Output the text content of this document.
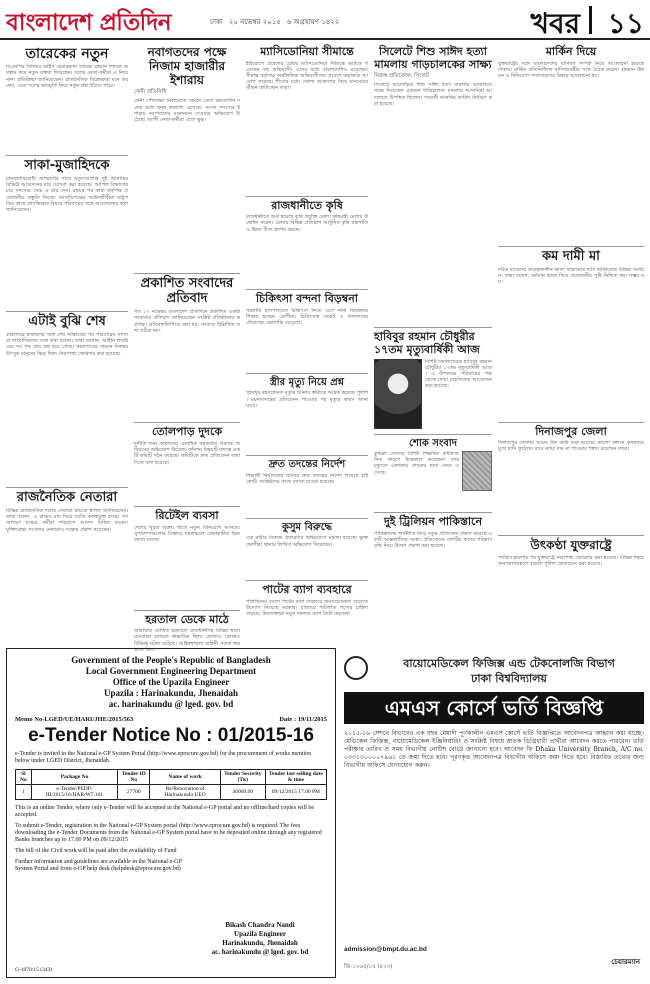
বাংলাদেশ প্রতিদিন	ঢাকা ২০ নভেম্বর ২০১৫ ৬ অগ্রহায়ণ ১৪২২	খবর ১১
তারেকের নতুন
বিএনপির সিনিয়র ভাইস চেয়ারম্যান তারেক রহমান লন্ডনে অবস্থান করে নতুন বক্তব্য দিয়েছেন। দলের নেতা-কর্মীরা এ নিয়ে নানা প্রতিক্রিয়া জানিয়েছেন। রাজনৈতিক বিশ্লেষকরা মনে করছেন, এতে দলের ভাবমূর্তি নিয়ে নতুন প্রশ্ন উঠতে পারে।
সাকা-মুজাহিদকে
মানবতাবিরোধী অপরাধের দায়ে মৃত্যুদণ্ডপ্রাপ্ত দুই আসামির রিভিউ আবেদনের রায় ঘোষণা করা হয়েছে। আপিল বিভাগের চার সদস্যের বেঞ্চ এ রায় দেন। রায়ের পর কারা কর্তৃপক্ষ প্রয়োজনীয় প্রস্তুতি নিচ্ছে। আসামিপক্ষের আইনজীবীরা রাষ্ট্রপতির কাছে প্রাণভিক্ষার বিষয়ে পরিবারের সঙ্গে আলোচনার কথা জানিয়েছেন।
এটাই বুঝি শেষ
কারাগারে স্বজনদের সঙ্গে শেষ সাক্ষাতের পর পরিবারের সদস্যরা সাংবাদিকদের সঙ্গে কথা বলেন। তারা জানান, আইনি লড়াইয়ের সব পথ প্রায় বন্ধ হয়ে গেছে। কারাগারের সামনে দিনভর উৎসুক মানুষের ভিড় ছিল। নিরাপত্তা জোরদার করা হয়েছে।
রাজনৈতিক নেতারা
বিভিন্ন রাজনৈতিক দলের নেতারা রায়কে স্বাগত জানিয়েছেন। তারা বলেন, এ রায়ের মধ্য দিয়ে জাতি কলঙ্কমুক্ত হচ্ছে। গণজাগরণ মঞ্চের কর্মীরা শাহবাগে আনন্দ মিছিল করেন। মুক্তিযোদ্ধা সংসদের নেতারাও সন্তোষ প্রকাশ করেছেন।
নবাগতদের পক্ষে নিজাম হাজারীর ইশারায়
ফেনী প্রতিনিধি
ফেনী পৌরসভা নির্বাচনকে সামনে রেখে ক্ষমতাসীন দলের মধ্যে দ্বন্দ্ব প্রকাশ্যে এসেছে। সংসদ সদস্যের ইশারায় নবাগতদের মনোনয়ন দেওয়ার অভিযোগ উঠেছে। ত্যাগী নেতা-কর্মীরা এতে ক্ষুব্ধ।
প্রকাশিত সংবাদের প্রতিবাদ
গত ১৭ নভেম্বর বাংলাদেশ প্রতিদিনে প্রকাশিত একটি সংবাদের প্রতিবাদ জানিয়েছেন সংশ্লিষ্ট প্রতিষ্ঠানের কর্তৃপক্ষ। প্রতিবাদলিপিতে বলা হয়, সংবাদে উল্লিখিত তথ্য সঠিক নয়।
তোলপাড় দুদকে
দুর্নীতি দমন কমিশনের একাধিক কর্মকর্তার বিরুদ্ধে অনিয়মের অভিযোগ উঠেছে। কমিশন বিষয়টি তদন্তে একটি কমিটি গঠন করেছে। কমিটিকে দ্রুত প্রতিবেদন জমা দিতে বলা হয়েছে।
রিটেইল ব্যবসা
দেশের খুচরা বিক্রয় খাতে নতুন বিনিয়োগ আসছে। সুপারশপগুলোর বিস্তারে শহরাঞ্চলে কেনাকাটার ধরন বদলে যাচ্ছে।
হরতাল ডেকে মাঠে
জামায়াত ঘোষিত হরতালে রাজধানীসহ বিভিন্ন স্থানে যানবাহন চলাচল স্বাভাবিক ছিল। কোথাও কোথাও বিক্ষিপ্ত ঘটনা ঘটেছে। আইনশৃঙ্খলা বাহিনী সতর্ক অবস্থানে ছিল।
ম্যাসিডোনিয়া সীমান্তে
ইউরোপে প্রবেশের চেষ্টায় ম্যাসিডোনিয়া সীমান্তে আটকে পড়েছেন বহু অভিবাসী। এদের মধ্যে বাংলাদেশিও রয়েছেন। সীমান্ত কর্তৃপক্ষ অর্থনৈতিক অভিবাসীদের প্রবেশে কড়াকড়ি আরোপ করেছে। শীতের মধ্যে খোলা আকাশের নিচে মানবেতর জীবন কাটাচ্ছেন তারা।
রাজধানীতে কৃষি
রাজধানীতে শুরু হয়েছে কৃষি প্রযুক্তি মেলা। কৃষিমন্ত্রী মেলার উদ্বোধন করেন। মেলায় বিভিন্ন প্রতিষ্ঠান আধুনিক কৃষি যন্ত্রপাতি ও উন্নত বীজ প্রদর্শন করছে।
চিকিৎসা বন্দনা বিড়ম্বনা
সরকারি হাসপাতালে চিকিৎসা নিতে এসে নানা বিড়ম্বনার শিকার হচ্ছেন রোগীরা। চিকিৎসক সংকট ও দালালদের দৌরাত্ম্যে ভোগান্তি বেড়েছে।
স্ত্রীর মৃত্যু নিয়ে প্রশ্ন
গৃহবধূর রহস্যজনক মৃত্যুর ঘটনায় স্বামীকে আটক করেছে পুলিশ। ময়নাতদন্তের প্রতিবেদন পাওয়ার পর মৃত্যুর কারণ জানা যাবে।
দ্রুত তদন্তের নির্দেশ
শিক্ষার্থী নির্যাতনের ঘটনায় দ্রুত তদন্তের নির্দেশ দিয়েছে হাইকোর্ট। সংশ্লিষ্টদের কাছে ব্যাখ্যা চাওয়া হয়েছে।
কুসুম বিরুদ্ধে
এক নারীর বিরুদ্ধে প্রতারণার অভিযোগে মামলা হয়েছে। ভুক্তভোগীরা থানায় লিখিত অভিযোগ দিয়েছেন।
পাটের ব্যাগ ব্যবহারে
পলিথিনের বদলে পাটের ব্যাগ ব্যবহারে জনসচেতনতা বাড়াতে উদ্যোগ নিয়েছে সরকার। বাজারে পাটজাত পণ্যের চাহিদা বাড়ছে। উদ্যোক্তারা নতুন নকশার ব্যাগ তৈরি করছেন।
সিলেটে শিশু সাঈদ হত্যা মামলায় গাড়চালকের সাক্ষ্য
নিজস্ব প্রতিবেদক, সিলেট
সিলেটে আলোচিত শিশু সাঈদ হত্যা মামলায় আদালতে সাক্ষ্য দিয়েছেন একজন গাড়িচালক। মামলার আসামিরা আদালতে উপস্থিত ছিলেন। পরবর্তী শুনানির তারিখ নির্ধারণ করা হয়েছে।
হাবিবুর রহমান চৌধুরীর ১৭তম মৃত্যুবার্ষিকী আজ
বিশিষ্ট সমাজসেবক হাবিবুর রহমান চৌধুরীর ১৭তম মৃত্যুবার্ষিকী আজ। এ উপলক্ষে পরিবারের পক্ষ থেকে দোয়া মাহফিলের আয়োজন করা হয়েছে।
শোক সংবাদ
কুমিল্লা জেলার বিশিষ্ট শিক্ষাবিদ বার্ধক্যজনিত কারণে ইন্তেকাল করেছেন। তার মৃত্যুতে এলাকায় শোকের ছায়া নেমে এসেছে।
দুই ট্রিলিয়ন পাকিস্তানে
পাকিস্তানের অর্থনীতি নিয়ে নতুন প্রতিবেদন প্রকাশ করেছে একটি আন্তর্জাতিক সংস্থা। প্রতিবেদনে দেশটির ঋণের পরিমাণ বৃদ্ধি নিয়ে উদ্বেগ প্রকাশ করা হয়েছে।
মার্কিন দিয়ে
যুক্তরাষ্ট্রের সঙ্গে বাংলাদেশের বাণিজ্য সম্পর্ক নিয়ে আলোচনা হয়েছে ঢাকায়। মার্কিন প্রতিনিধিদল বাণিজ্যমন্ত্রীর সঙ্গে বৈঠক করেন। শ্রমমান উন্নয়ন ও বিনিয়োগ সম্প্রসারণের বিষয়ে আলোচনা হয়।
কম দামী মা
দরিদ্র মায়েদের মাতৃত্বকালীন ভাতা বাড়ানোর দাবি জানিয়েছে বিভিন্ন সংগঠন। তারা বলেন, বর্তমান ভাতা দিয়ে প্রয়োজনীয় পুষ্টি নিশ্চিত করা সম্ভব নয়।
দিনাজপুর জেলা
দিনাজপুর জেলায় আমন ধান কাটা শুরু হয়েছে। ভালো ফলনে কৃষকদের মুখে হাসি ফুটেছে। তবে ন্যায্য দাম না পাওয়ার শঙ্কায় রয়েছেন তারা।
উৎকণ্ঠা যুক্তরাষ্ট্রে
প্যারিস হামলার পর যুক্তরাষ্ট্রে নিরাপত্তা জোরদার করা হয়েছে। বিভিন্ন শহরে জনসমাগমস্থলে বাড়তি পুলিশ মোতায়েন করা হয়েছে।
Government of the People's Republic of Bangladesh
Local Government Engineering Department
Office of the Upazila Engineer
Upazila : Harinakundu, Jhenaidah
ac. harinakundu @ lged. gov. bd
Memo No-LGED/UE/HARI/JHE/2015/563	Date : 19/11/2015
e-Tender Notice No : 01/2015-16

e-Tender is invited in the National e-GP System Portal (http://www.eprocure.gov.bd) for the procurement of works mention below under LGED District, Jhenaidah.

Sl No	Package No	Tender ID No	Name of work	Tender Security (Tk)	Tender last selling date & time
1	e-Tender/PEDP-III/2015/16/HAR/W7.101	27700	Re/Renovation of Harinakundu UEO	40000.00	09/12/2015 17.00 PM

This is an online Tender, where only e-Tender will be accepted in the National e-GP portal and no offline/hard copies will be accepted.

To submit e-Tender, registration in the National e-GP System portal (http://www.eprocure.gov.bd) is required. The fees downloading the e-Tender Documents from the National e-GP System portal have to be deposited online through any registered Banks branches up to 17.00 PM on 09/12/2015

The bill of the Civil work will be paid after the availability of Fund

Further information and guidelines are available in the National e-GP System Portal and from e-GP help desk (helpdesk@eprocure.gov.bd)

Bikash Chandra Nandi
Upazila Engineer
Harinakundu, Jhenaidah
ac. harinakundu @ lged. gov. bd
G-1070/15 (343)
বায়োমেডিকেল ফিজিক্স এন্ড টেকনোলজি বিভাগ
ঢাকা বিশ্ববিদ্যালয়
এমএস কোর্সে ভর্তি বিজ্ঞপ্তি
২০১৫-১৬ সেশনে বিভাগের এক বছর মেয়াদী পূর্ণকালীন এমএস কোর্সে ভর্তি বিজ্ঞপ্তিতে আবেদনপত্র আহ্বান করা যাচ্ছে। মেডিকেল ফিজিক্স, বায়োমেডিকেল ইঞ্জিনিয়ারিং ও সংশ্লিষ্ট বিষয়ে স্নাতক ডিগ্রিধারী প্রার্থীরা আবেদন করতে পারবেন। ভর্তি পরীক্ষার তারিখ ও সময় বিভাগীয় নোটিশ বোর্ডে জানানো হবে। আবেদন ফি Dhaka University Branch, A/C no. ০৩৩১৩০০০০৭৯৬১ তে জমা দিতে হবে। পূরণকৃত আবেদনপত্র বিভাগীয় অফিসে জমা দিতে হবে। বিস্তারিত তথ্যের জন্য বিভাগীয় অফিসে যোগাযোগ করুন।
admission@bmpt.du.ac.bd
চেয়ারম্যান
জি-১০৬৫/১৫ (৫০৩)
